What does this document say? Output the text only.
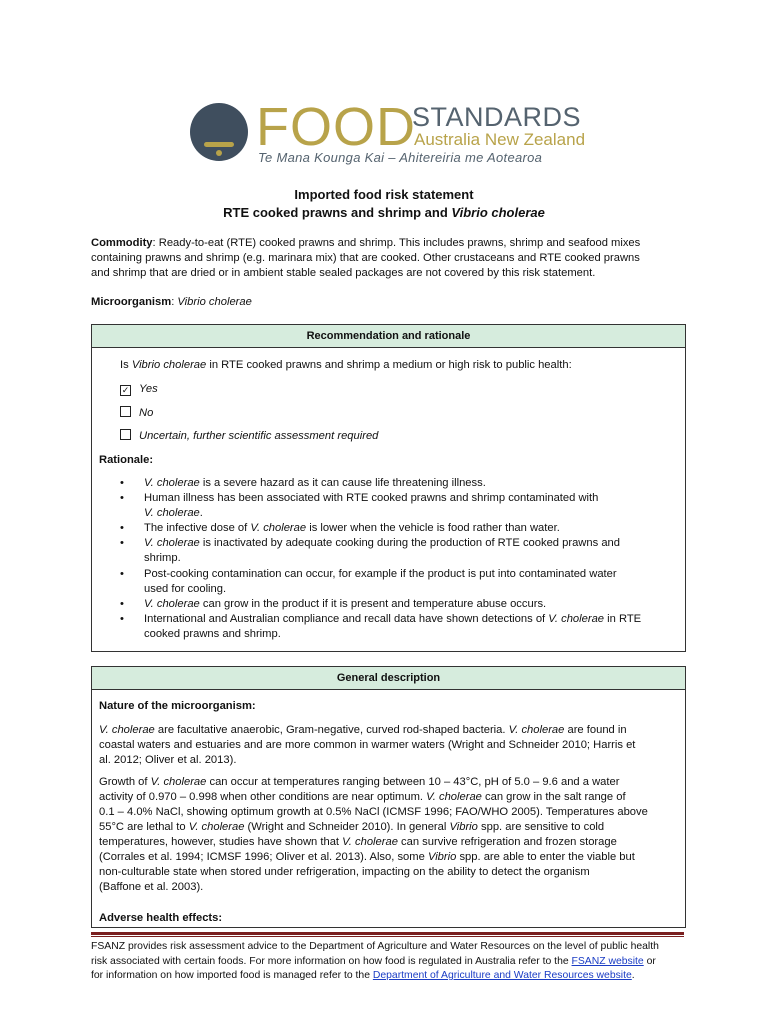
FOOD
STANDARDS
Australia New Zealand
Te Mana Kounga Kai – Ahitereiria me Aotearoa
Imported food risk statement
RTE cooked prawns and shrimp and Vibrio cholerae
Commodity: Ready-to-eat (RTE) cooked prawns and shrimp. This includes prawns, shrimp and seafood mixes
containing prawns and shrimp (e.g. marinara mix) that are cooked. Other crustaceans and RTE cooked prawns
and shrimp that are dried or in ambient stable sealed packages are not covered by this risk statement.
Microorganism: Vibrio cholerae
Recommendation and rationale
Is Vibrio cholerae in RTE cooked prawns and shrimp a medium or high risk to public health:
✓ Yes
No
Uncertain, further scientific assessment required
Rationale:
• V. cholerae is a severe hazard as it can cause life threatening illness.
• Human illness has been associated with RTE cooked prawns and shrimp contaminated with
V. cholerae.
• The infective dose of V. cholerae is lower when the vehicle is food rather than water.
• V. cholerae is inactivated by adequate cooking during the production of RTE cooked prawns and
shrimp.
• Post-cooking contamination can occur, for example if the product is put into contaminated water
used for cooling.
• V. cholerae can grow in the product if it is present and temperature abuse occurs.
• International and Australian compliance and recall data have shown detections of V. cholerae in RTE
cooked prawns and shrimp.
General description
Nature of the microorganism:
V. cholerae are facultative anaerobic, Gram-negative, curved rod-shaped bacteria. V. cholerae are found in
coastal waters and estuaries and are more common in warmer waters (Wright and Schneider 2010; Harris et
al. 2012; Oliver et al. 2013).
Growth of V. cholerae can occur at temperatures ranging between 10 – 43°C, pH of 5.0 – 9.6 and a water
activity of 0.970 – 0.998 when other conditions are near optimum. V. cholerae can grow in the salt range of
0.1 – 4.0% NaCl, showing optimum growth at 0.5% NaCl (ICMSF 1996; FAO/WHO 2005). Temperatures above
55°C are lethal to V. cholerae (Wright and Schneider 2010). In general Vibrio spp. are sensitive to cold
temperatures, however, studies have shown that V. cholerae can survive refrigeration and frozen storage
(Corrales et al. 1994; ICMSF 1996; Oliver et al. 2013). Also, some Vibrio spp. are able to enter the viable but
non-culturable state when stored under refrigeration, impacting on the ability to detect the organism
(Baffone et al. 2003).
Adverse health effects:
FSANZ provides risk assessment advice to the Department of Agriculture and Water Resources on the level of public health
risk associated with certain foods. For more information on how food is regulated in Australia refer to the FSANZ website or
for information on how imported food is managed refer to the Department of Agriculture and Water Resources website.
